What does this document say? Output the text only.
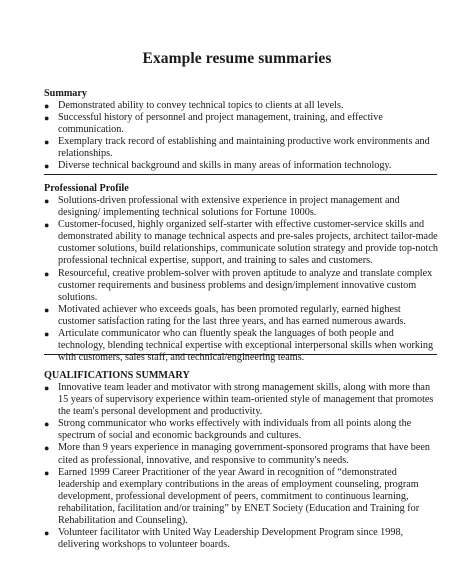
Example resume summaries
Summary
● Demonstrated ability to convey technical topics to clients at all levels.
● Successful history of personnel and project management, training, and effective communication.
● Exemplary track record of establishing and maintaining productive work environments and relationships.
● Diverse technical background and skills in many areas of information technology.
Professional Profile
● Solutions-driven professional with extensive experience in project management and designing/ implementing technical solutions for Fortune 1000s.
● Customer-focused, highly organized self-starter with effective customer-service skills and demonstrated ability to manage technical aspects and pre-sales projects, architect tailor-made customer solutions, build relationships, communicate solution strategy and provide top-notch professional technical expertise, support, and training to sales and customers.
● Resourceful, creative problem-solver with proven aptitude to analyze and translate complex customer requirements and business problems and design/implement innovative custom solutions.
● Motivated achiever who exceeds goals, has been promoted regularly, earned highest customer satisfaction rating for the last three years, and has earned numerous awards.
● Articulate communicator who can fluently speak the languages of both people and technology, blending technical expertise with exceptional interpersonal skills when working with customers, sales staff, and technical/engineering teams.
QUALIFICATIONS SUMMARY
● Innovative team leader and motivator with strong management skills, along with more than 15 years of supervisory experience within team-oriented style of management that promotes the team's personal development and productivity.
● Strong communicator who works effectively with individuals from all points along the spectrum of social and economic backgrounds and cultures.
● More than 9 years experience in managing government-sponsored programs that have been cited as professional, innovative, and responsive to community's needs.
● Earned 1999 Career Practitioner of the year Award in recognition of “demonstrated leadership and exemplary contributions in the areas of employment counseling, program development, professional development of peers, commitment to continuous learning, rehabilitation, facilitation and/or training” by ENET Society (Education and Training for Rehabilitation and Counseling).
● Volunteer facilitator with United Way Leadership Development Program since 1998, delivering workshops to volunteer boards.
